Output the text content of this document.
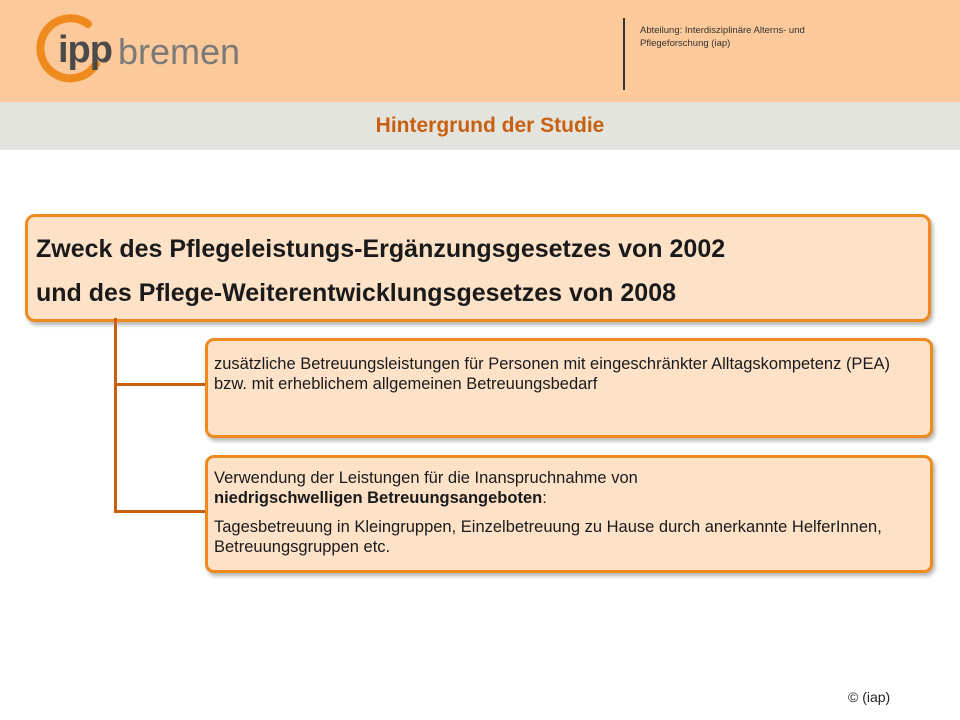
ipp bremen
Abteilung: Interdisziplinäre Alterns- und Pflegeforschung (iap)
Hintergrund der Studie
Zweck des Pflegeleistungs-Ergänzungsgesetzes von 2002
und des Pflege-Weiterentwicklungsgesetzes von 2008
zusätzliche Betreuungsleistungen für Personen mit eingeschränkter Alltagskompetenz (PEA) bzw. mit erheblichem allgemeinen Betreuungsbedarf
Verwendung der Leistungen für die Inanspruchnahme von
niedrigschwelligen Betreuungsangeboten:
Tagesbetreuung in Kleingruppen, Einzelbetreuung zu Hause durch anerkannte HelferInnen, Betreuungsgruppen etc.
© (iap)
